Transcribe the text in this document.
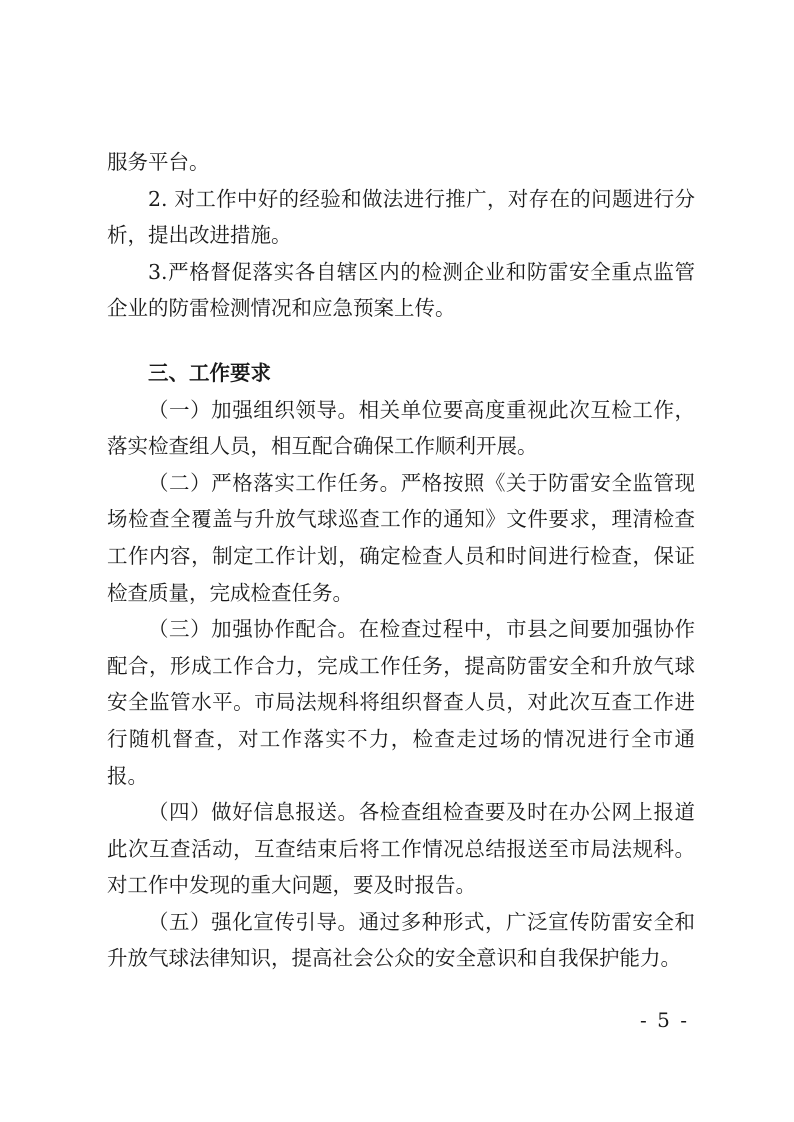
服务平台。

2. 对工作中好的经验和做法进行推广，对存在的问题进行分析，提出改进措施。

3.严格督促落实各自辖区内的检测企业和防雷安全重点监管企业的防雷检测情况和应急预案上传。

三、工作要求

（一）加强组织领导。相关单位要高度重视此次互检工作，落实检查组人员，相互配合确保工作顺利开展。

（二）严格落实工作任务。严格按照《关于防雷安全监管现场检查全覆盖与升放气球巡查工作的通知》文件要求，理清检查工作内容，制定工作计划，确定检查人员和时间进行检查，保证检查质量，完成检查任务。

（三）加强协作配合。在检查过程中，市县之间要加强协作配合，形成工作合力，完成工作任务，提高防雷安全和升放气球安全监管水平。市局法规科将组织督查人员，对此次互查工作进行随机督查，对工作落实不力，检查走过场的情况进行全市通报。

（四）做好信息报送。各检查组检查要及时在办公网上报道此次互查活动，互查结束后将工作情况总结报送至市局法规科。对工作中发现的重大问题，要及时报告。

（五）强化宣传引导。通过多种形式，广泛宣传防雷安全和升放气球法律知识，提高社会公众的安全意识和自我保护能力。

- 5 -
